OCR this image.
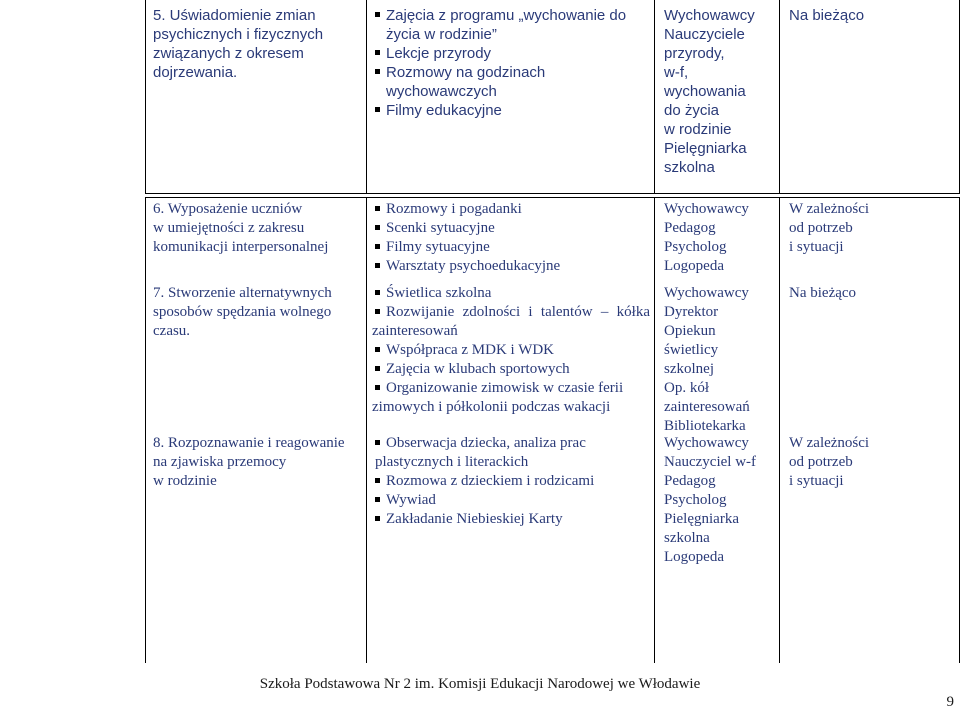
5. Uświadomienie zmian
psychicznych i fizycznych
związanych z okresem
dojrzewania.
Zajęcia z programu „wychowanie do
życia w rodzinie”
Lekcje przyrody
Rozmowy na godzinach
wychowawczych
Filmy edukacyjne
Wychowawcy
Nauczyciele
przyrody,
w-f,
wychowania
do życia
w rodzinie
Pielęgniarka
szkolna
Na bieżąco
6. Wyposażenie uczniów
w umiejętności z zakresu
komunikacji interpersonalnej
Rozmowy i pogadanki
Scenki sytuacyjne
Filmy sytuacyjne
Warsztaty psychoedukacyjne
Wychowawcy
Pedagog
Psycholog
Logopeda
W zależności
od potrzeb
i sytuacji
7. Stworzenie alternatywnych
sposobów spędzania wolnego
czasu.
Świetlica szkolna
Rozwijanie zdolności i talentów – kółka
zainteresowań
Współpraca z MDK i WDK
Zajęcia w klubach sportowych
Organizowanie zimowisk w czasie ferii
zimowych i półkolonii podczas wakacji
Wychowawcy
Dyrektor
Opiekun
świetlicy
szkolnej
Op. kół
zainteresowań
Bibliotekarka
Na bieżąco
8. Rozpoznawanie i reagowanie
na zjawiska przemocy
w rodzinie
Obserwacja dziecka, analiza prac
plastycznych i literackich
Rozmowa z dzieckiem i rodzicami
Wywiad
Zakładanie Niebieskiej Karty
Wychowawcy
Nauczyciel w-f
Pedagog
Psycholog
Pielęgniarka
szkolna
Logopeda
W zależności
od potrzeb
i sytuacji
Szkoła Podstawowa Nr 2 im. Komisji Edukacji Narodowej we Włodawie
9
